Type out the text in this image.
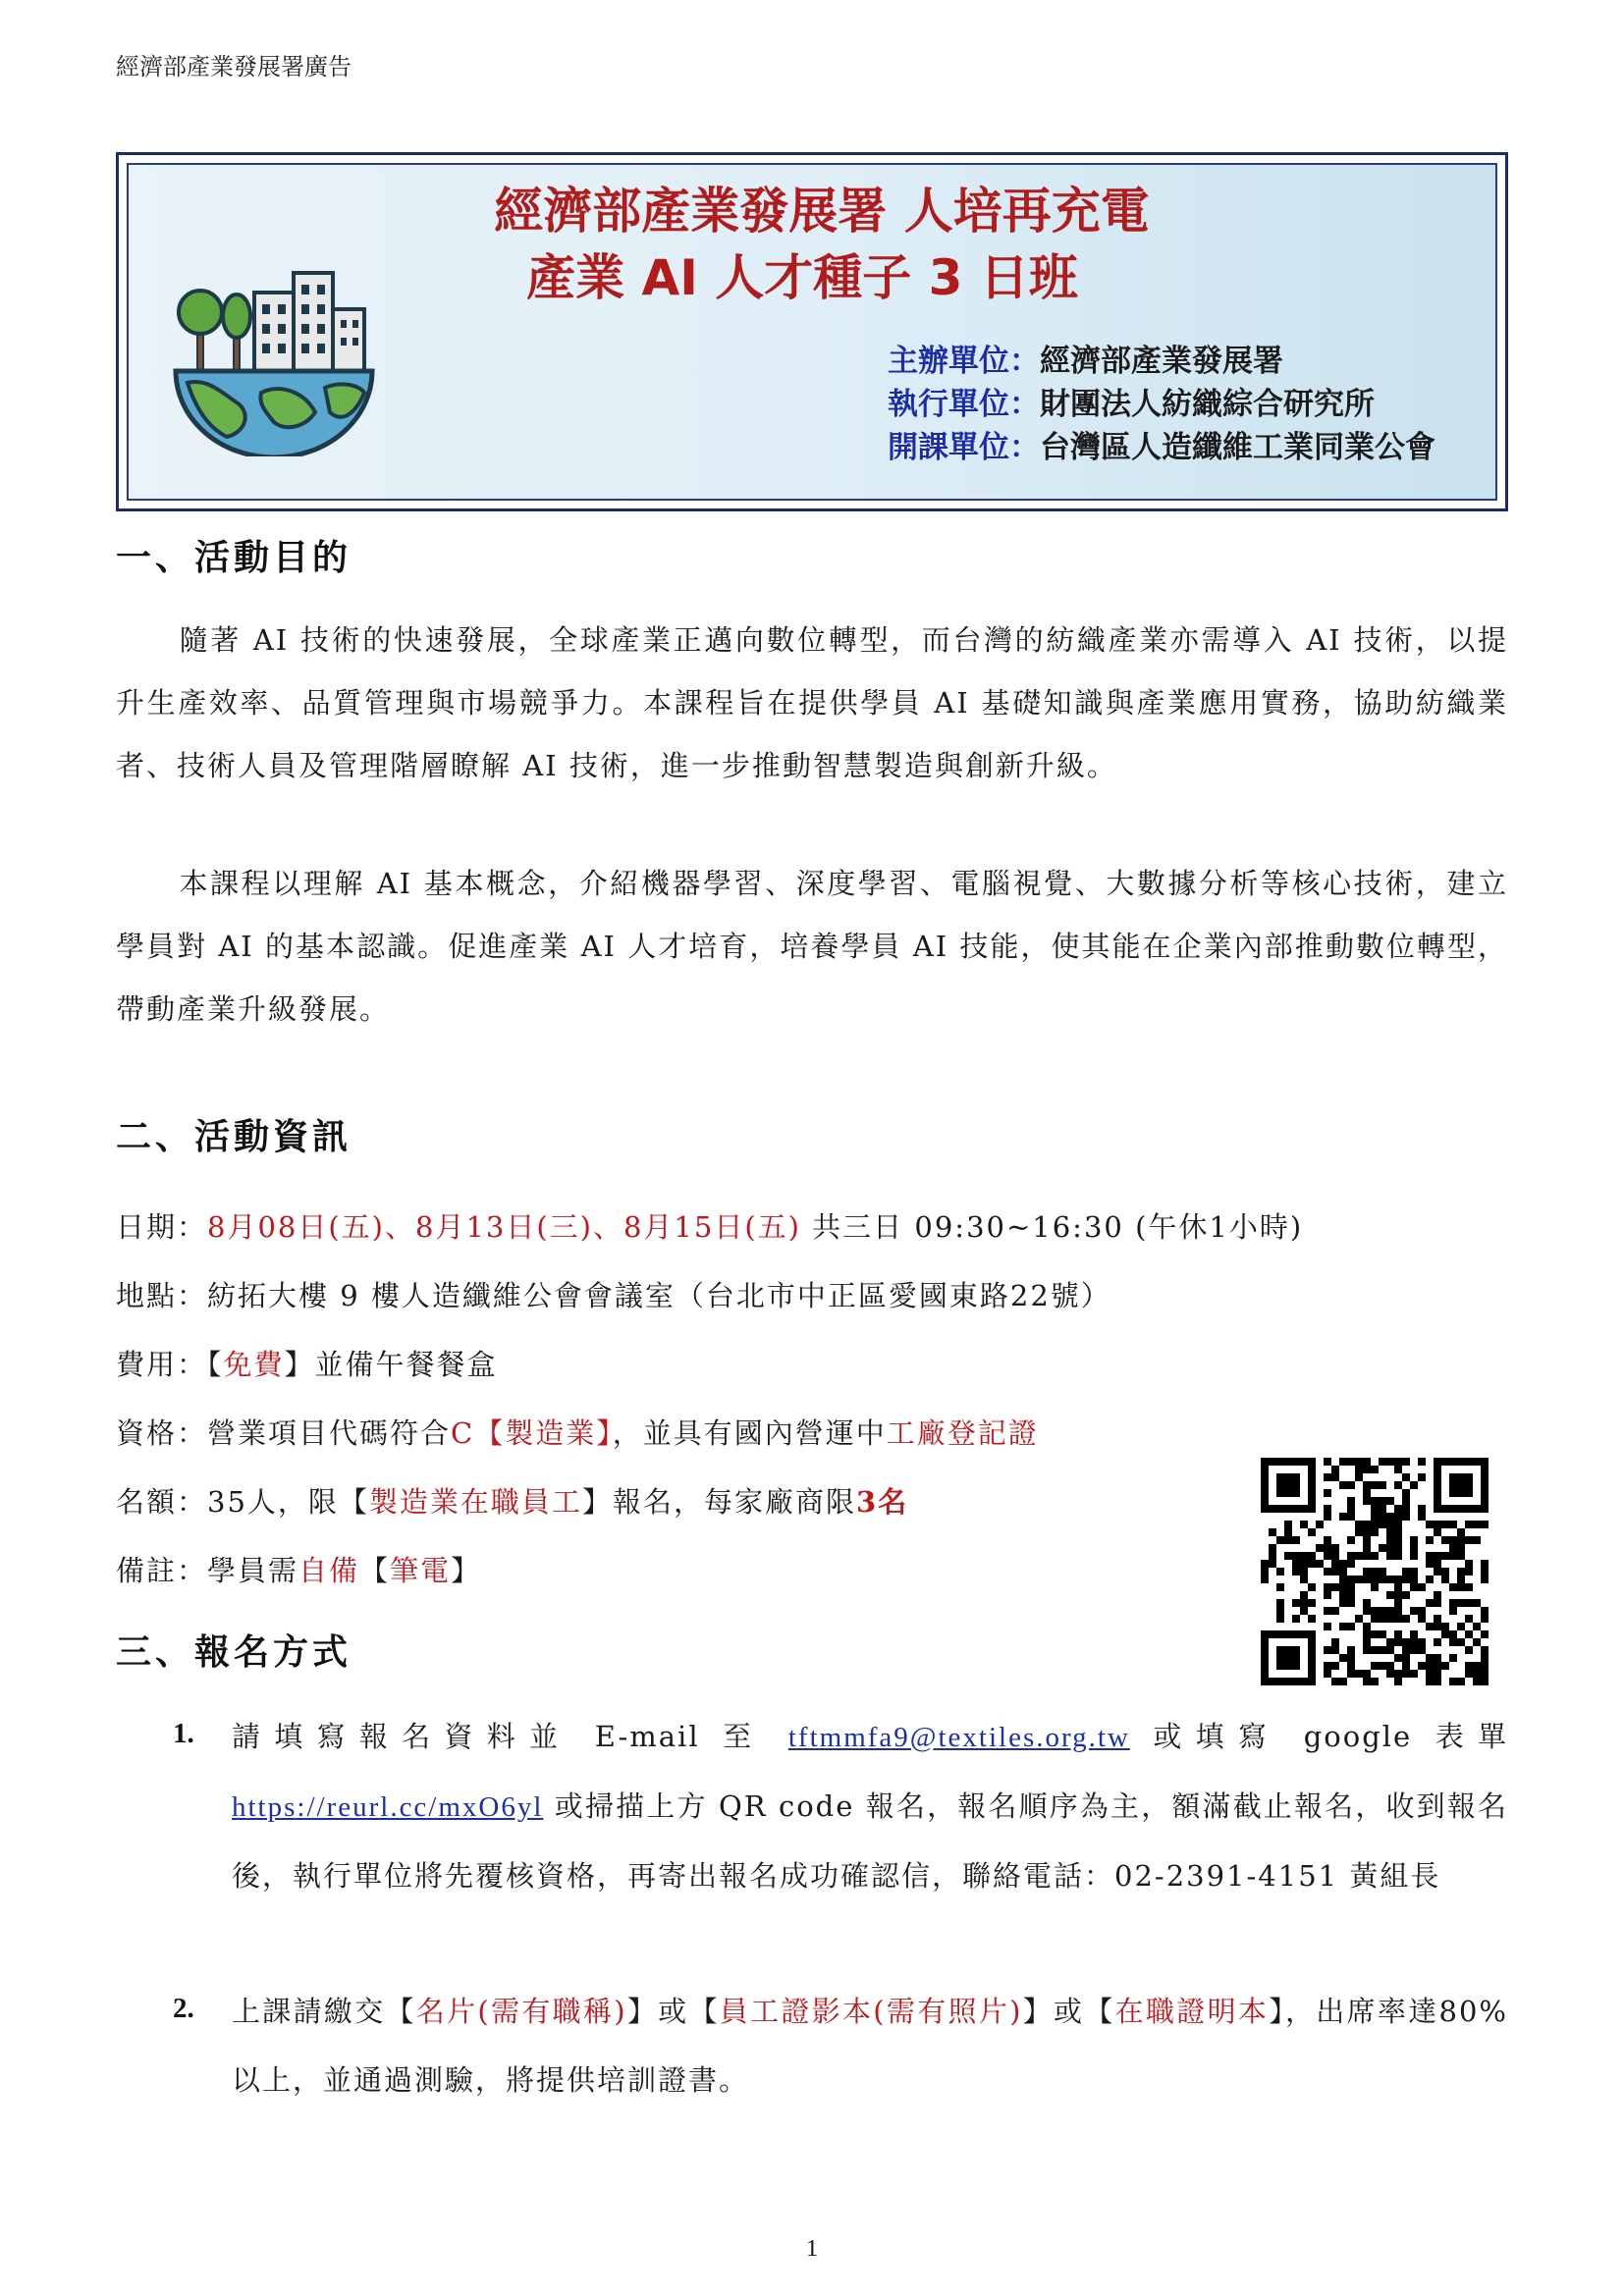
經濟部產業發展署廣告
經濟部產業發展署 人培再充電
產業 AI 人才種子 3 日班
主辦單位：經濟部產業發展署
執行單位：財團法人紡織綜合研究所
開課單位：台灣區人造纖維工業同業公會
一、活動目的

隨著 AI 技術的快速發展，全球產業正邁向數位轉型，而台灣的紡織產業亦需導入 AI 技術，以提升生產效率、品質管理與市場競爭力。本課程旨在提供學員 AI 基礎知識與產業應用實務，協助紡織業者、技術人員及管理階層瞭解 AI 技術，進一步推動智慧製造與創新升級。

本課程以理解 AI 基本概念，介紹機器學習、深度學習、電腦視覺、大數據分析等核心技術，建立學員對 AI 的基本認識。促進產業 AI 人才培育，培養學員 AI 技能，使其能在企業內部推動數位轉型，帶動產業升級發展。

二、活動資訊
日期：8月08日(五)、8月13日(三)、8月15日(五) 共三日 09:30~16:30 (午休1小時)
地點：紡拓大樓 9 樓人造纖維公會會議室（台北市中正區愛國東路22號）
費用：【免費】並備午餐餐盒
資格：營業項目代碼符合C【製造業】，並具有國內營運中工廠登記證
名額：35人，限【製造業在職員工】報名，每家廠商限3名
備註：學員需自備【筆電】
三、報名方式
1. 請填寫報名資料並 E-mail 至 tftmmfa9@textiles.org.tw 或填寫 google 表單 https://reurl.cc/mxO6yl 或掃描上方 QR code 報名，報名順序為主，額滿截止報名，收到報名後，執行單位將先覆核資格，再寄出報名成功確認信，聯絡電話：02-2391-4151 黃組長
2. 上課請繳交【名片(需有職稱)】或【員工證影本(需有照片)】或【在職證明本】，出席率達80%以上，並通過測驗，將提供培訓證書。
1
